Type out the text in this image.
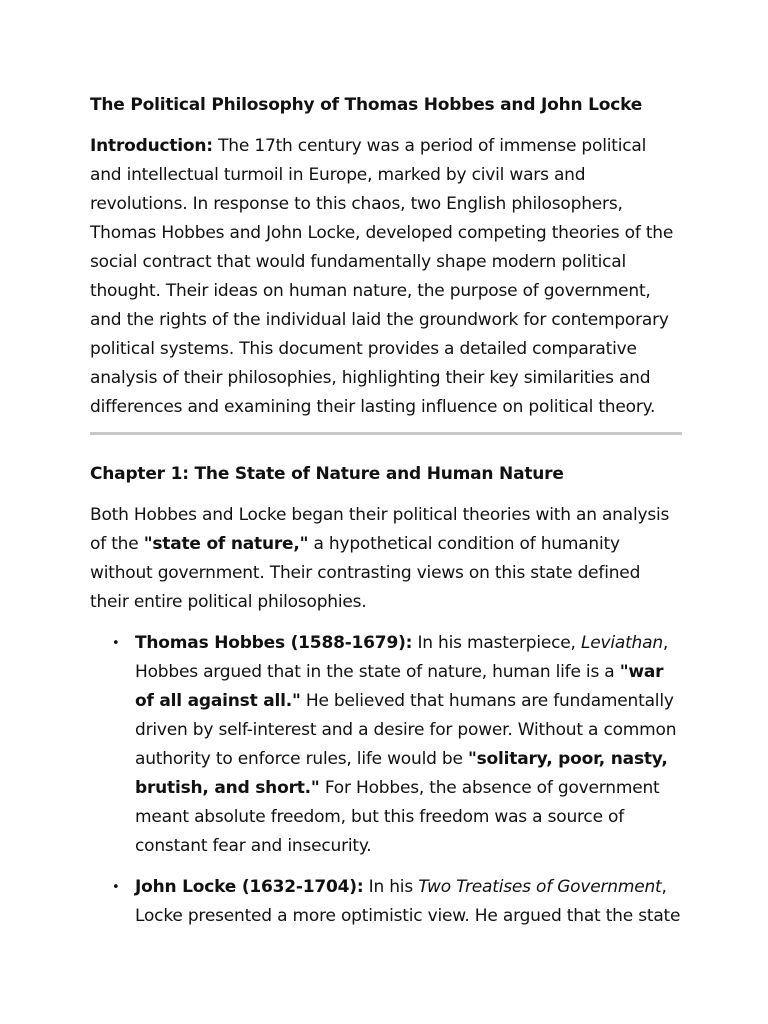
The Political Philosophy of Thomas Hobbes and John Locke

Introduction: The 17th century was a period of immense political and intellectual turmoil in Europe, marked by civil wars and revolutions. In response to this chaos, two English philosophers, Thomas Hobbes and John Locke, developed competing theories of the social contract that would fundamentally shape modern political thought. Their ideas on human nature, the purpose of government, and the rights of the individual laid the groundwork for contemporary political systems. This document provides a detailed comparative analysis of their philosophies, highlighting their key similarities and differences and examining their lasting influence on political theory.

Chapter 1: The State of Nature and Human Nature

Both Hobbes and Locke began their political theories with an analysis of the "state of nature," a hypothetical condition of humanity without government. Their contrasting views on this state defined their entire political philosophies.

• Thomas Hobbes (1588-1679): In his masterpiece, Leviathan, Hobbes argued that in the state of nature, human life is a "war of all against all." He believed that humans are fundamentally driven by self-interest and a desire for power. Without a common authority to enforce rules, life would be "solitary, poor, nasty, brutish, and short." For Hobbes, the absence of government meant absolute freedom, but this freedom was a source of constant fear and insecurity.
• John Locke (1632-1704): In his Two Treatises of Government, Locke presented a more optimistic view. He argued that the state
